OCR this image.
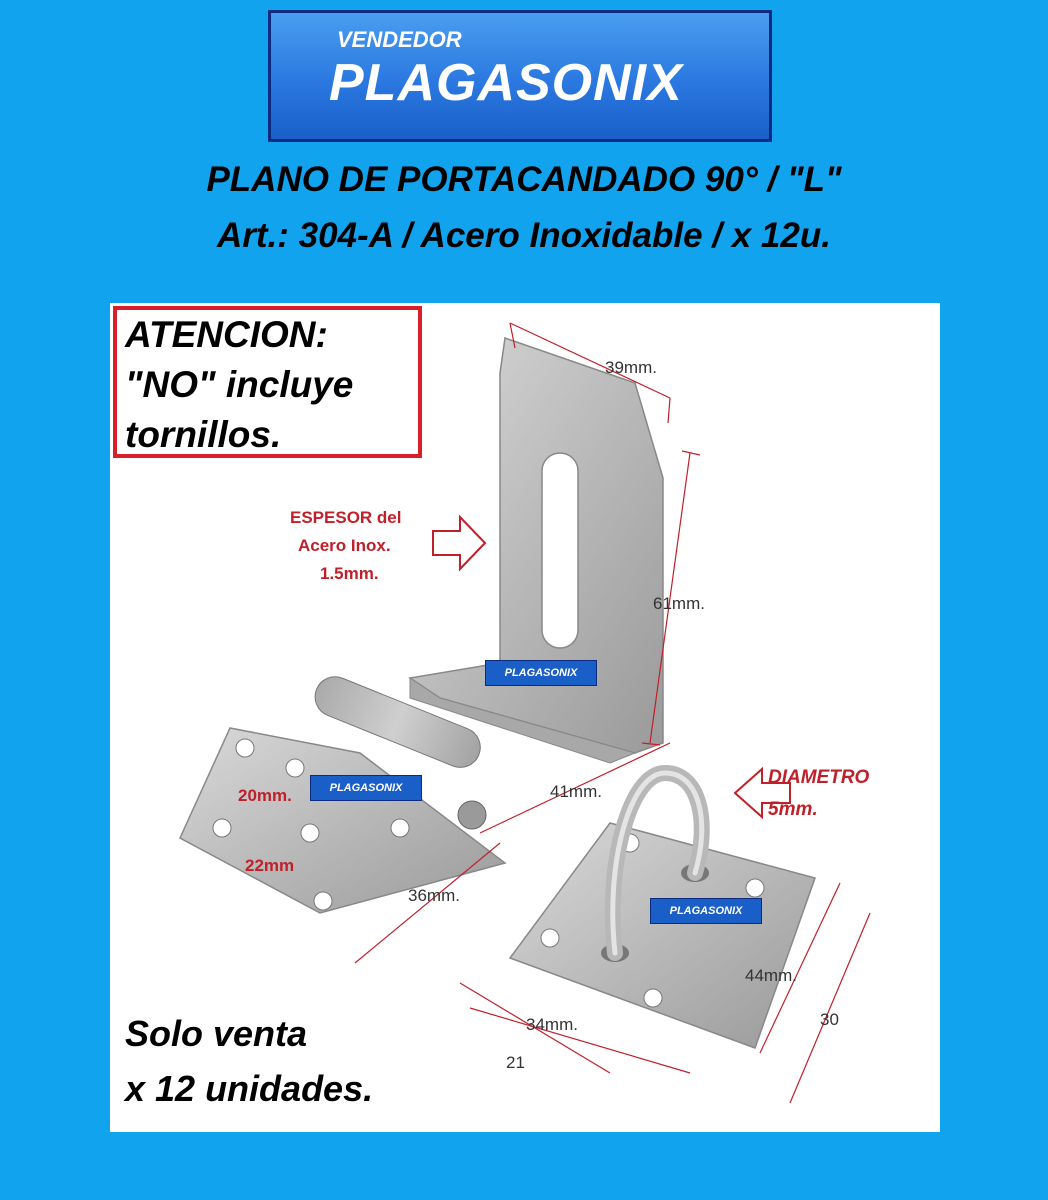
VENDEDOR
PLAGASONIX
PLANO DE PORTACANDADO 90° / "L"
Art.: 304-A / Acero Inoxidable / x 12u.
39mm.
61mm.
41mm.
20mm.
22mm
36mm.
34mm.
44mm.
21
30
ESPESOR del
Acero Inox.
1.5mm.
DIAMETRO
5mm.
PLAGASONIX
PLAGASONIX
PLAGASONIX
ATENCION:
"NO" incluye
tornillos.
Solo venta
x 12 unidades.
